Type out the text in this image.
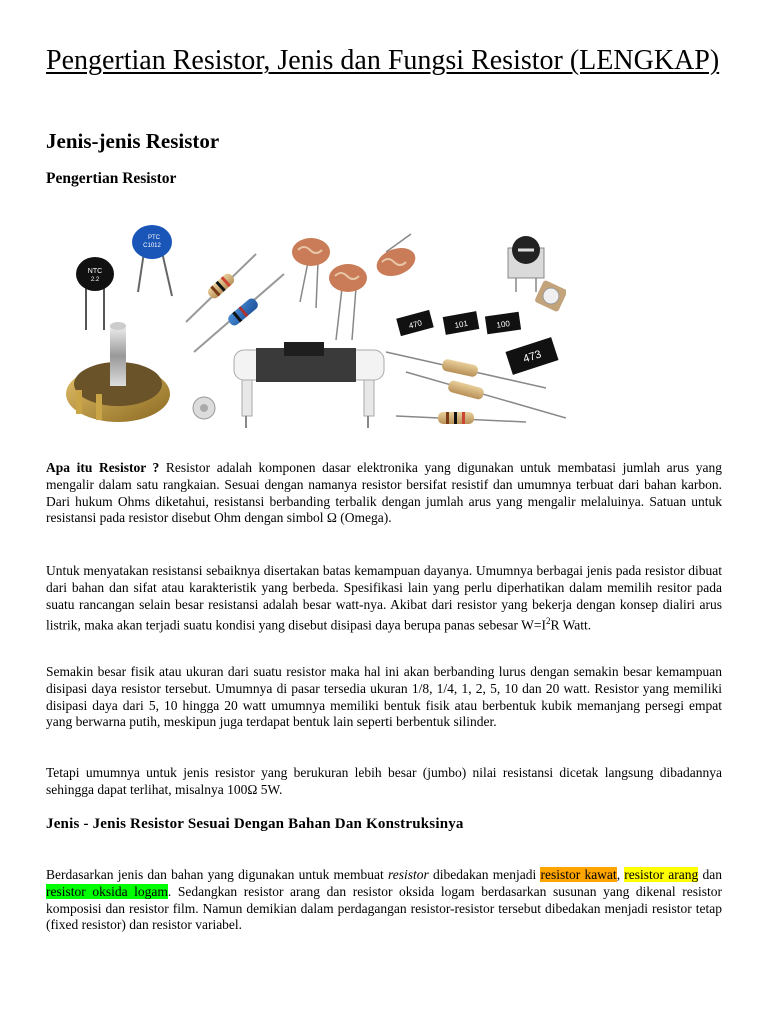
Pengertian Resistor, Jenis dan Fungsi Resistor (LENGKAP)
Jenis-jenis Resistor
Pengertian Resistor
NTC
2.2
PTC
C1012
470	101	100
473

Apa itu Resistor ? Resistor adalah komponen dasar elektronika yang digunakan untuk membatasi jumlah arus yang mengalir dalam satu rangkaian. Sesuai dengan namanya resistor bersifat resistif dan umumnya terbuat dari bahan karbon. Dari hukum Ohms diketahui, resistansi berbanding terbalik dengan jumlah arus yang mengalir melaluinya. Satuan untuk resistansi pada resistor disebut Ohm dengan simbol Ω (Omega).

Untuk menyatakan resistansi sebaiknya disertakan batas kemampuan dayanya. Umumnya berbagai jenis pada resistor dibuat dari bahan dan sifat atau karakteristik yang berbeda. Spesifikasi lain yang perlu diperhatikan dalam memilih resitor pada suatu rancangan selain besar resistansi adalah besar watt-nya. Akibat dari resistor yang bekerja dengan konsep dialiri arus listrik, maka akan terjadi suatu kondisi yang disebut disipasi daya berupa panas sebesar $W=I^2R$ Watt.

Semakin besar fisik atau ukuran dari suatu resistor maka hal ini akan berbanding lurus dengan semakin besar kemampuan disipasi daya resistor tersebut. Umumnya di pasar tersedia ukuran 1/8, 1/4, 1, 2, 5, 10 dan 20 watt. Resistor yang memiliki disipasi daya dari 5, 10 hingga 20 watt umumnya memiliki bentuk fisik atau berbentuk kubik memanjang persegi empat yang berwarna putih, meskipun juga terdapat bentuk lain seperti berbentuk silinder.

Tetapi umumnya untuk jenis resistor yang berukuran lebih besar (jumbo) nilai resistansi dicetak langsung dibadannya sehingga dapat terlihat, misalnya 100Ω 5W.

Jenis - Jenis Resistor Sesuai Dengan Bahan Dan Konstruksinya

Berdasarkan jenis dan bahan yang digunakan untuk membuat resistor dibedakan menjadi resistor kawat, resistor arang dan resistor oksida logam. Sedangkan resistor arang dan resistor oksida logam berdasarkan susunan yang dikenal resistor komposisi dan resistor film. Namun demikian dalam perdagangan resistor-resistor tersebut dibedakan menjadi resistor tetap (fixed resistor) dan resistor variabel.
